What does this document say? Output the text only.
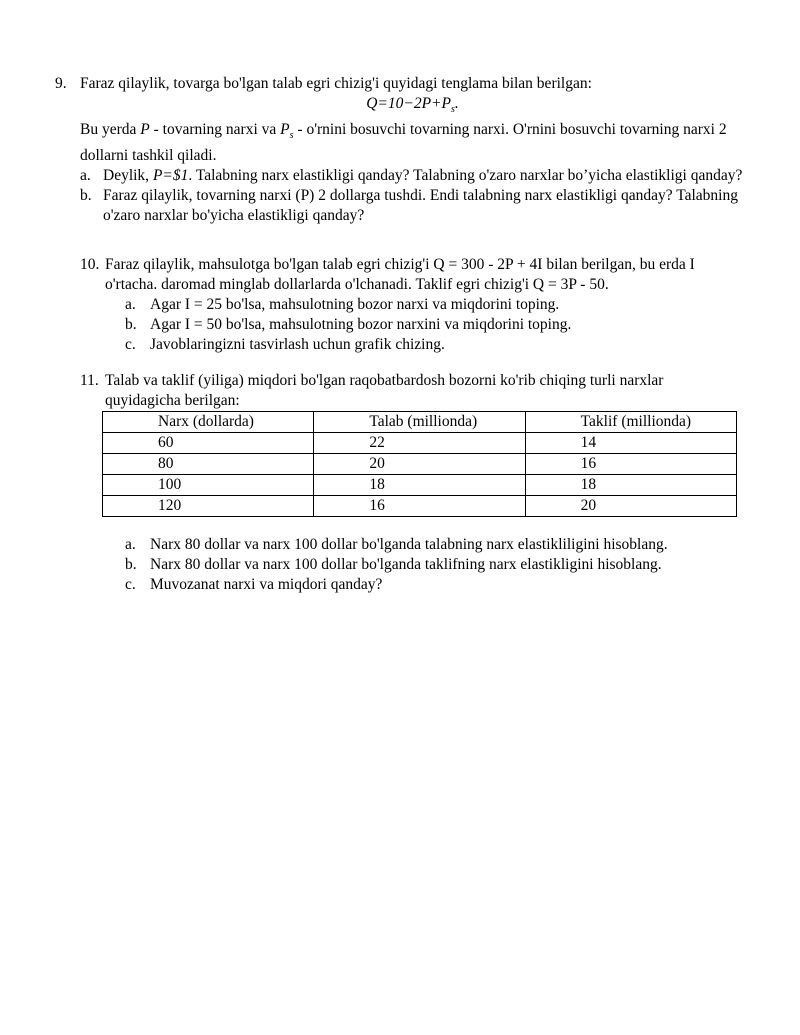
9. Faraz qilaylik, tovarga bo'lgan talab egri chizig'i quyidagi tenglama bilan berilgan:
$Q=10-2P+P_s$.
Bu yerda P - tovarning narxi va $P_s$ - o'rnini bosuvchi tovarning narxi. O'rnini bosuvchi tovarning narxi 2 dollarni tashkil qiladi.
a. Deylik, P=$1. Talabning narx elastikligi qanday? Talabning o'zaro narxlar bo’yicha elastikligi qanday?
b. Faraz qilaylik, tovarning narxi (P) 2 dollarga tushdi. Endi talabning narx elastikligi qanday? Talabning o'zaro narxlar bo'yicha elastikligi qanday?
10. Faraz qilaylik, mahsulotga bo'lgan talab egri chizig'i Q = 300 - 2P + 4I bilan berilgan, bu erda I o'rtacha. daromad minglab dollarlarda o'lchanadi. Taklif egri chizig'i Q = 3P - 50.
a. Agar I = 25 bo'lsa, mahsulotning bozor narxi va miqdorini toping.
b. Agar I = 50 bo'lsa, mahsulotning bozor narxini va miqdorini toping.
c. Javoblaringizni tasvirlash uchun grafik chizing.
11. Talab va taklif (yiliga) miqdori bo'lgan raqobatbardosh bozorni ko'rib chiqing turli narxlar quyidagicha berilgan:
Narx (dollarda)	Talab (millionda)	Taklif (millionda)
60	22	14
80	20	16
100	18	18
120	16	20
a. Narx 80 dollar va narx 100 dollar bo'lganda talabning narx elastikliligini hisoblang.
b. Narx 80 dollar va narx 100 dollar bo'lganda taklifning narx elastikligini hisoblang.
c. Muvozanat narxi va miqdori qanday?
